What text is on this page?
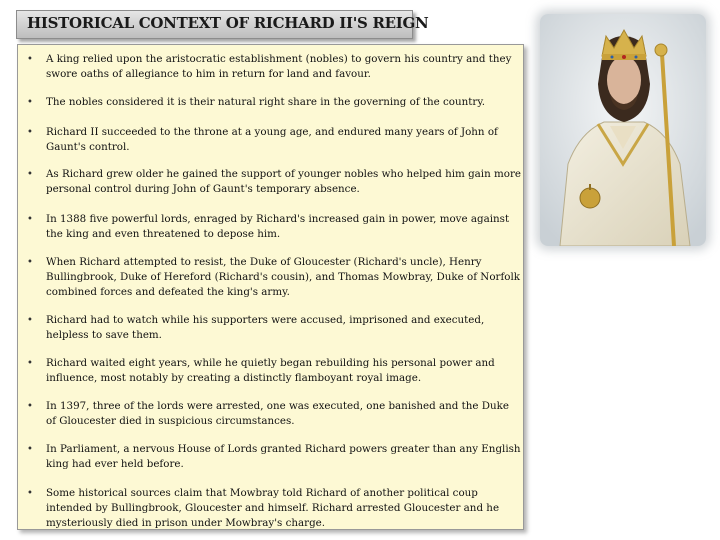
HISTORICAL CONTEXT OF RICHARD II'S REIGN
• A king relied upon the aristocratic establishment (nobles) to govern his country and they swore oaths of allegiance to him in return for land and favour.
• The nobles considered it is their natural right share in the governing of the country.
• Richard II succeeded to the throne at a young age, and endured many years of John of Gaunt's control.
• As Richard grew older he gained the support of younger nobles who helped him gain more personal control during John of Gaunt's temporary absence.
• In 1388 five powerful lords, enraged by Richard's increased gain in power, move against the king and even threatened to depose him.
• When Richard attempted to resist, the Duke of Gloucester (Richard's uncle), Henry Bullingbrook, Duke of Hereford (Richard's cousin), and Thomas Mowbray, Duke of Norfolk combined forces and defeated the king's army.
• Richard had to watch while his supporters were accused, imprisoned and executed, helpless to save them.
• Richard waited eight years, while he quietly began rebuilding his personal power and influence, most notably by creating a distinctly flamboyant royal image.
• In 1397, three of the lords were arrested, one was executed, one banished and the Duke of Gloucester died in suspicious circumstances.
• In Parliament, a nervous House of Lords granted Richard powers greater than any English king had ever held before.
• Some historical sources claim that Mowbray told Richard of another political coup intended by Bullingbrook, Gloucester and himself. Richard arrested Gloucester and he mysteriously died in prison under Mowbray's charge.
